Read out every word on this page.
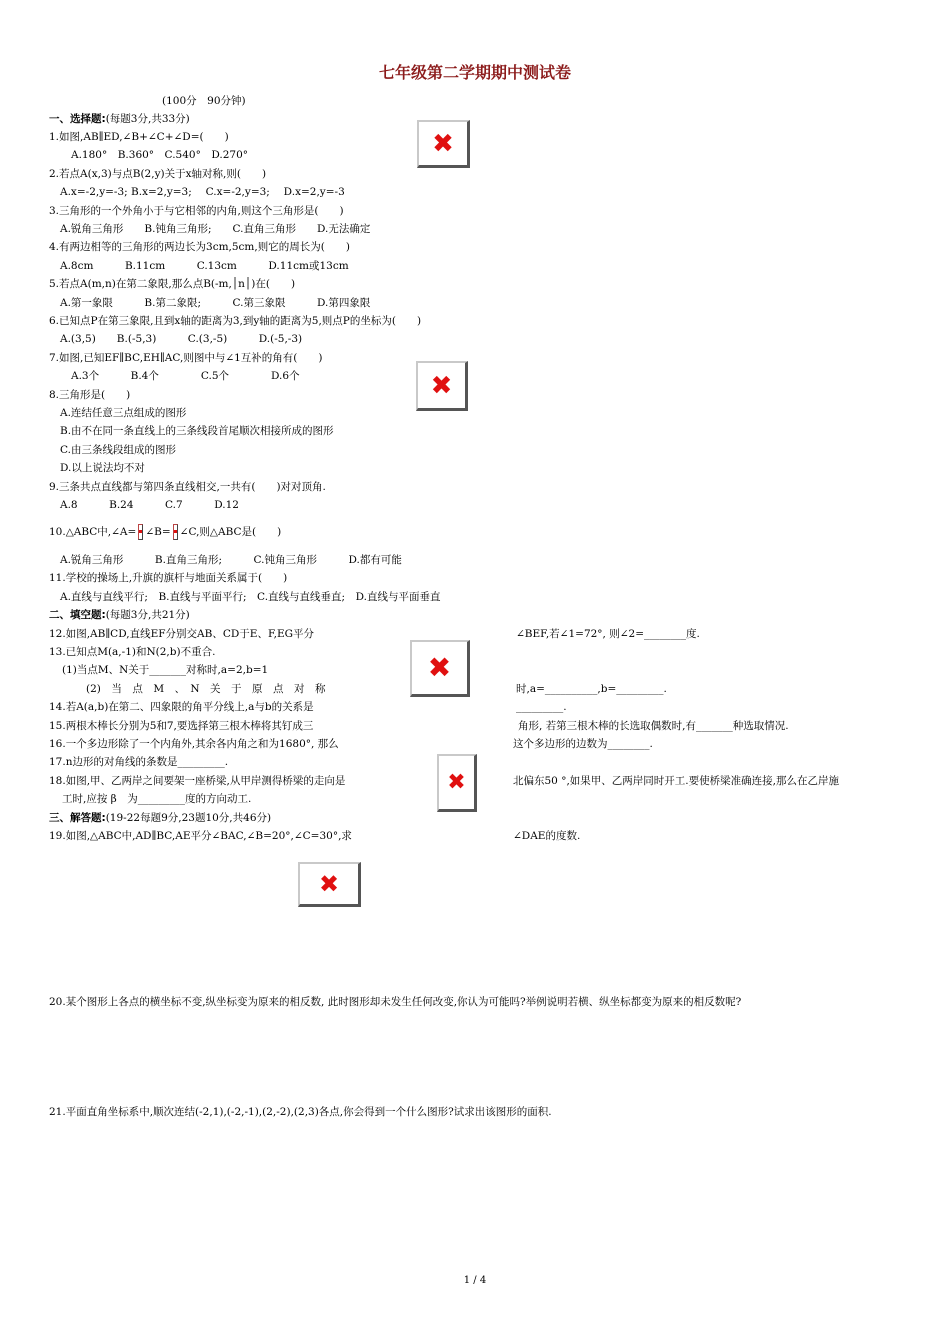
七年级第二学期期中测试卷
(100分　90分钟)
一、选择题:(每题3分,共33分)
1.如图,AB∥ED,∠B+∠C+∠D=(　　)
A.180°　B.360°　C.540°　D.270°
2.若点A(x,3)与点B(2,y)关于x轴对称,则(　　)
A.x=-2,y=-3; B.x=2,y=3;　 C.x=-2,y=3;　 D.x=2,y=-3
3.三角形的一个外角小于与它相邻的内角,则这个三角形是(　　)
A.锐角三角形　　B.钝角三角形;　　C.直角三角形　　D.无法确定
4.有两边相等的三角形的两边长为3cm,5cm,则它的周长为(　　)
A.8cm　　　B.11cm　　　C.13cm　　　D.11cm或13cm
5.若点A(m,n)在第二象限,那么点B(-m,│n│)在(　　)
A.第一象限　　　B.第二象限;　　　C.第三象限　　　D.第四象限
6.已知点P在第三象限,且到x轴的距离为3,到y轴的距离为5,则点P的坐标为(　　)
A.(3,5)　　B.(-5,3)　　　C.(3,-5)　　　D.(-5,-3)
7.如图,已知EF∥BC,EH∥AC,则图中与∠1互补的角有(　　)
A.3个　　　B.4个　　　　C.5个　　　　D.6个
8.三角形是(　　)
A.连结任意三点组成的图形
B.由不在同一条直线上的三条线段首尾顺次相接所成的图形
C.由三条线段组成的图形
D.以上说法均不对
9.三条共点直线都与第四条直线相交,一共有(　　)对对顶角.
A.8　　　B.24　　　C.7　　　D.12
10.△ABC中,∠A= ∠B= ∠C,则△ABC是(　　)
A.锐角三角形　　　B.直角三角形;　　　C.钝角三角形　　　D.都有可能
11.学校的操场上,升旗的旗杆与地面关系属于(　　)
A.直线与直线平行;　B.直线与平面平行;　C.直线与直线垂直;　D.直线与平面垂直
二、填空题:(每题3分,共21分)
12.如图,AB∥CD,直线EF分别交AB、CD于E、F,EG平分	∠BEF,若∠1=72°, 则∠2=________度.
13.已知点M(a,-1)和N(2,b)不重合.
(1)当点M、N关于_______对称时,a=2,b=1
(2)　当　点　M　、　N　关　于　原　点　对　称	时,a=__________,b=_________.
14.若A(a,b)在第二、四象限的角平分线上,a与b的关系是	_________.
15.两根木棒长分别为5和7,要选择第三根木棒将其钉成三	角形, 若第三根木棒的长选取偶数时,有_______种选取情况.
16.一个多边形除了一个内角外,其余各内角之和为1680°, 那么	这个多边形的边数为________.
17.n边形的对角线的条数是_________.
18.如图,甲、乙两岸之间要架一座桥梁,从甲岸测得桥梁的走向是	北偏东50 °,如果甲、乙两岸同时开工.要使桥梁准确连接,那么在乙岸施
工时,应按 β　为_________度的方向动工.
三、解答题:(19-22每题9分,23题10分,共46分)
19.如图,△ABC中,AD∥BC,AE平分∠BAC,∠B=20°,∠C=30°,求	∠DAE的度数.
20.某个图形上各点的横坐标不变,纵坐标变为原来的相反数, 此时图形却未发生任何改变,你认为可能吗?举例说明若横、纵坐标都变为原来的相反数呢?
21.平面直角坐标系中,顺次连结(-2,1),(-2,-1),(2,-2),(2,3)各点,你会得到一个什么图形?试求出该图形的面积.
1 / 4
✖
✖
✖
✖
✖
